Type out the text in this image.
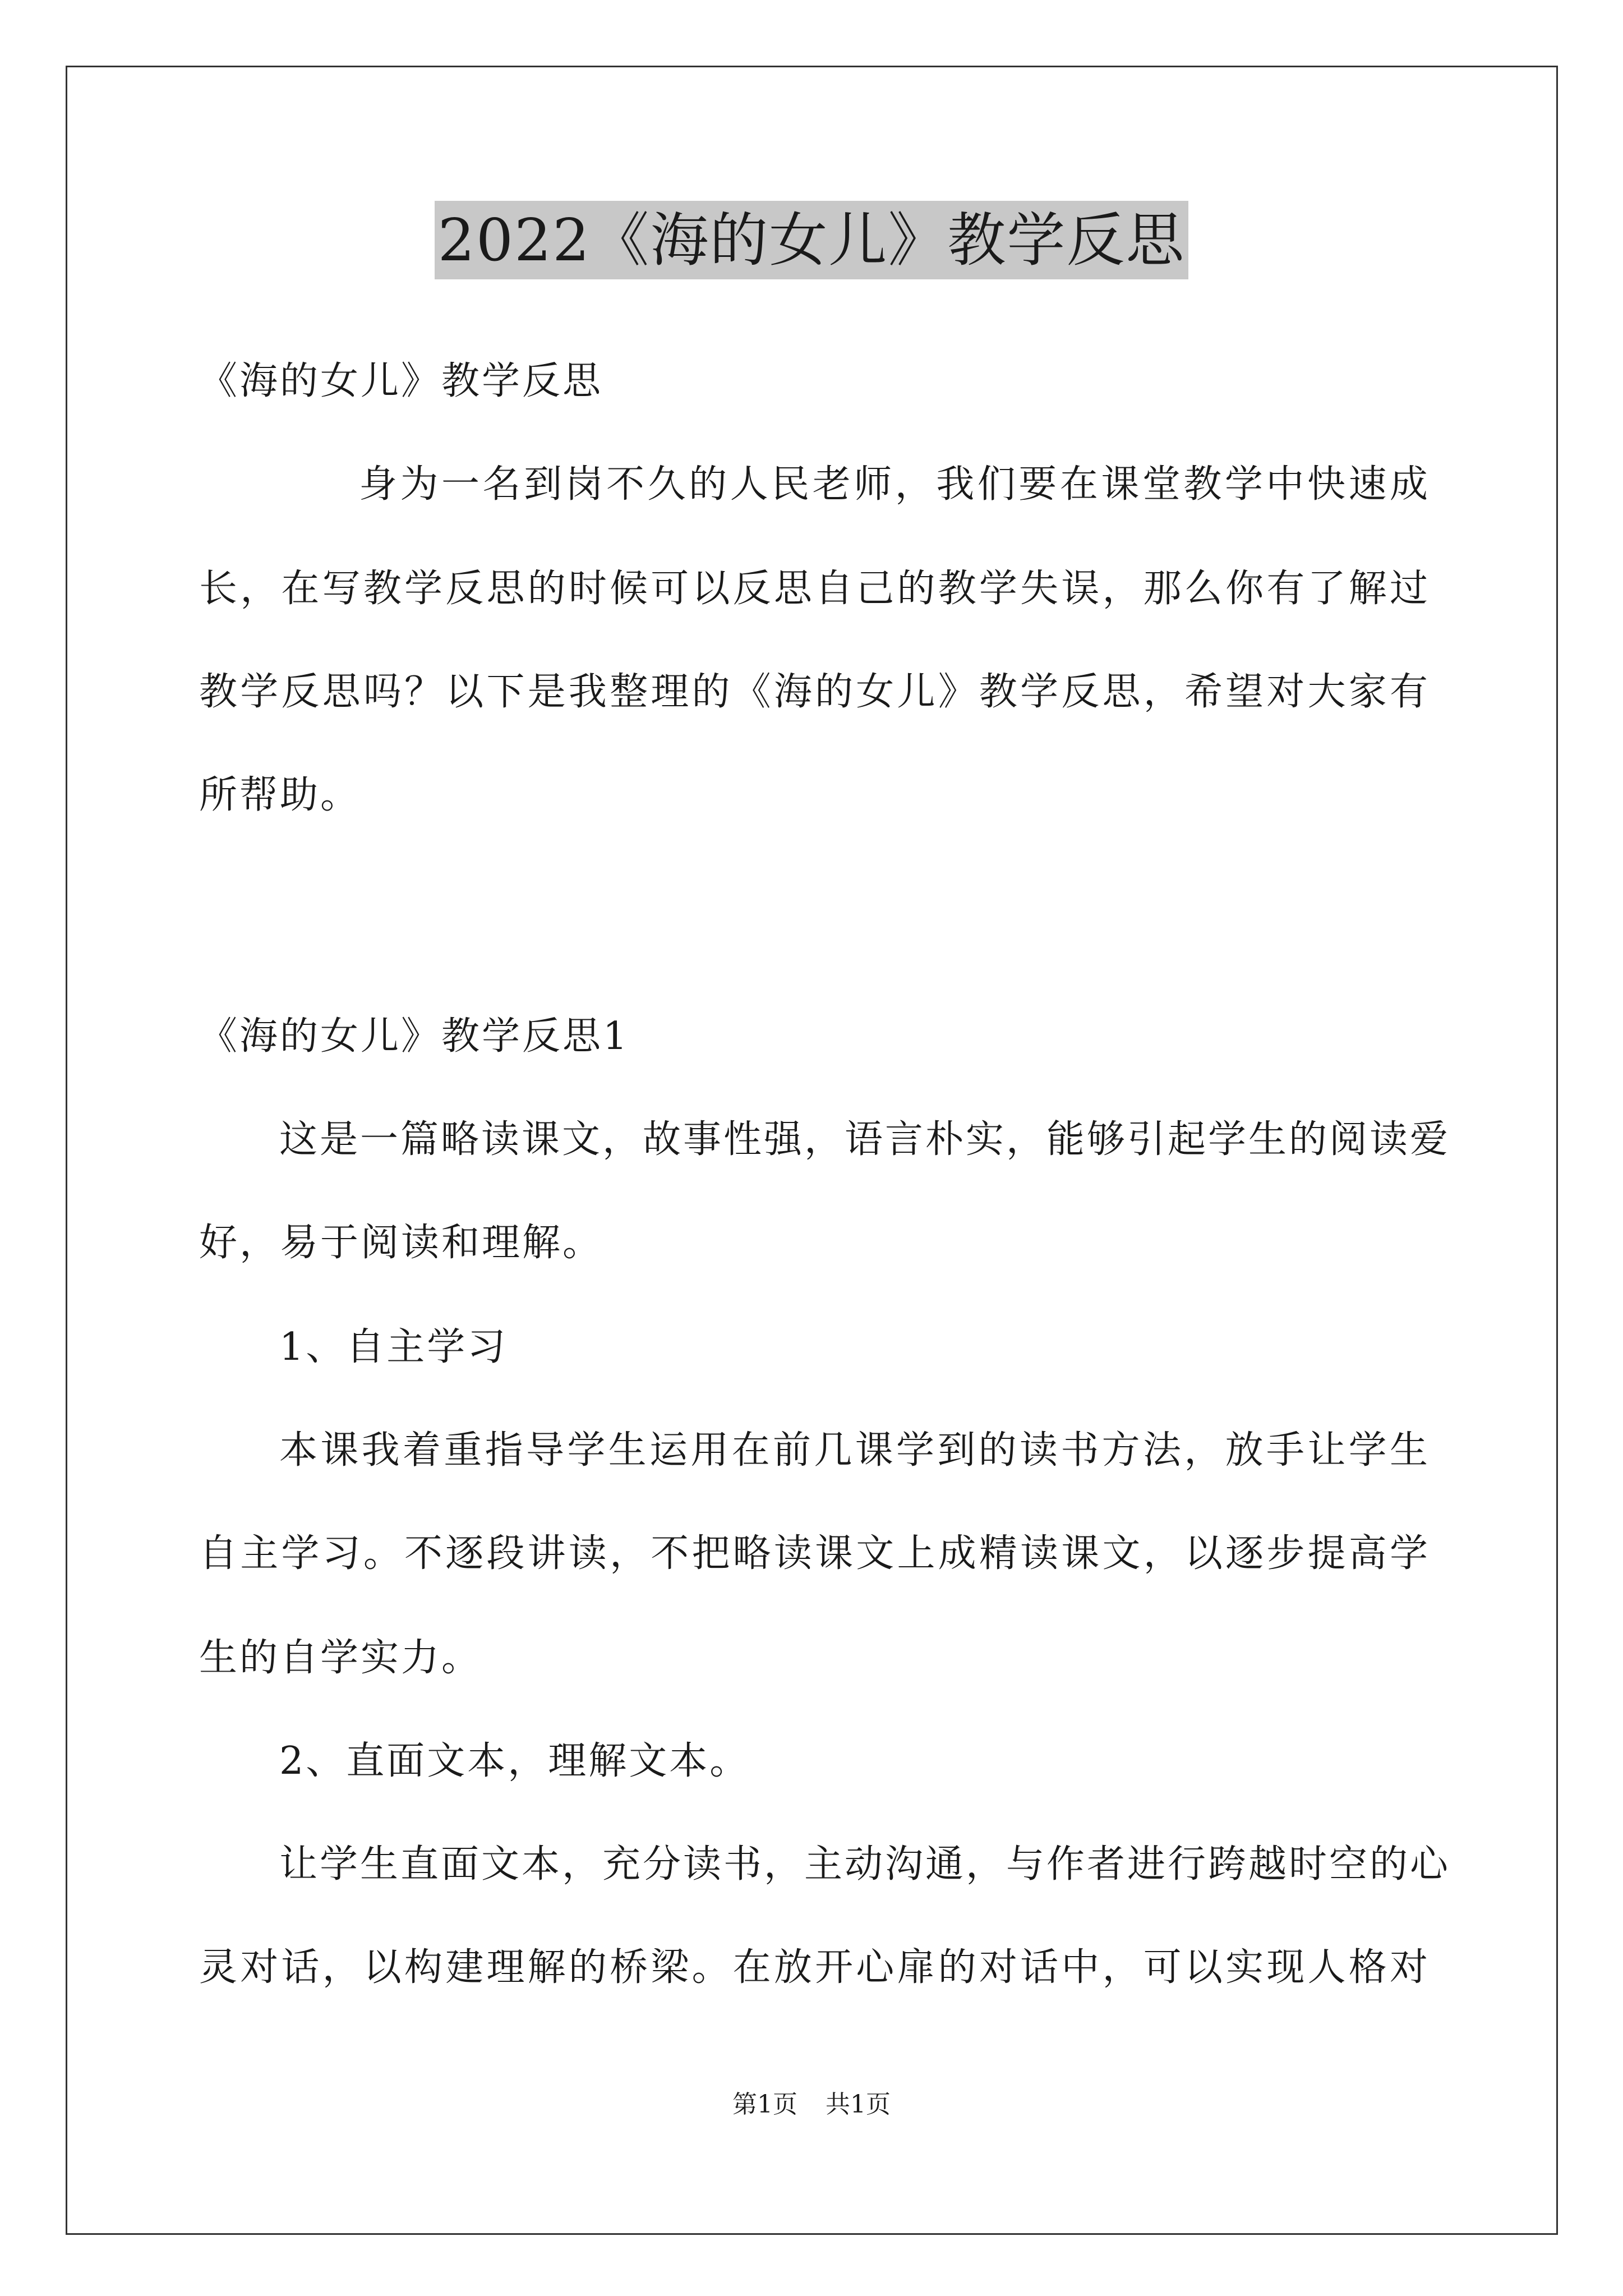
2022《海的女儿》教学反思
《海的女儿》教学反思
身为一名到岗不久的人民老师，我们要在课堂教学中快速成
长，在写教学反思的时候可以反思自己的教学失误，那么你有了解过
教学反思吗？以下是我整理的《海的女儿》教学反思，希望对大家有
所帮助。
《海的女儿》教学反思1
这是一篇略读课文，故事性强，语言朴实，能够引起学生的阅读爱
好，易于阅读和理解。
1、自主学习
本课我着重指导学生运用在前几课学到的读书方法，放手让学生
自主学习。不逐段讲读，不把略读课文上成精读课文，以逐步提高学
生的自学实力。
2、直面文本，理解文本。
让学生直面文本，充分读书，主动沟通，与作者进行跨越时空的心
灵对话，以构建理解的桥梁。在放开心扉的对话中，可以实现人格对
第1页 共1页
